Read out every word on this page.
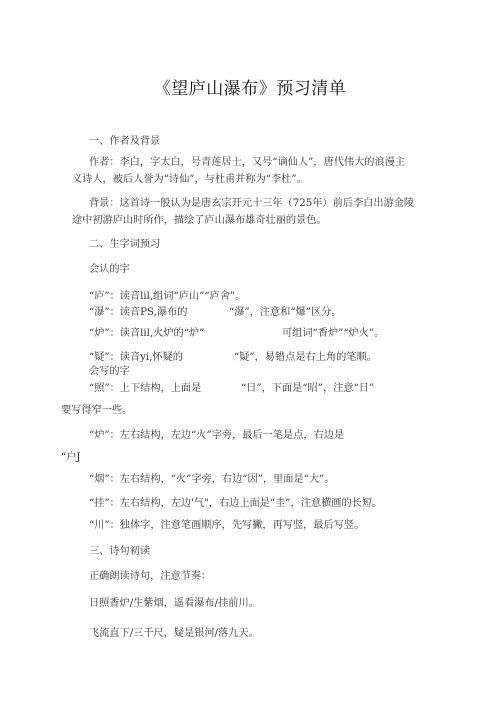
《望庐山瀑布》预习清单
一、作者及背景
作者：李白，字太白，号青莲居士，又号“谪仙人”，唐代伟大的浪漫主
义诗人，被后人誉为“诗仙”，与杜甫并称为“李杜”。
背景：这首诗一般认为是唐玄宗开元十三年（725年）前后李白出游金陵
途中初游庐山时所作，描绘了庐山瀑布雄奇壮丽的景色。
二、生字词预习
会认的字
“庐”：读音lil,组词“庐山”“庐舍”。
“瀑”：读音PS,瀑布的	“瀑”，注意和“爆”区分。
“炉”：读音lil,火炉的“炉”	可组词“香炉”“炉火”。
“疑”：读音yi,怀疑的	“疑”，易错点是右上角的笔顺。
会写的字
“照”：上下结构，上面是	“日”，下面是“昭”，注意“日”
要写得窄一些。
“炉”：左右结构，左边“火”字旁，最后一笔是点，右边是
“户J
“烟”：左右结构，“火”字旁，右边“因”，里面是“大”。
“挂”：左右结构，左边'气"，右边上面是“圭”，注意横画的长短。
“川”：独体字，注意笔画顺序，先写撇，再写竖，最后写竖。
三、诗句初读
正确朗读诗句，注意节奏：
日照香炉/生紫烟，遥看瀑布/挂前川。
飞流直下/三千尺，疑是银河/落九天。
